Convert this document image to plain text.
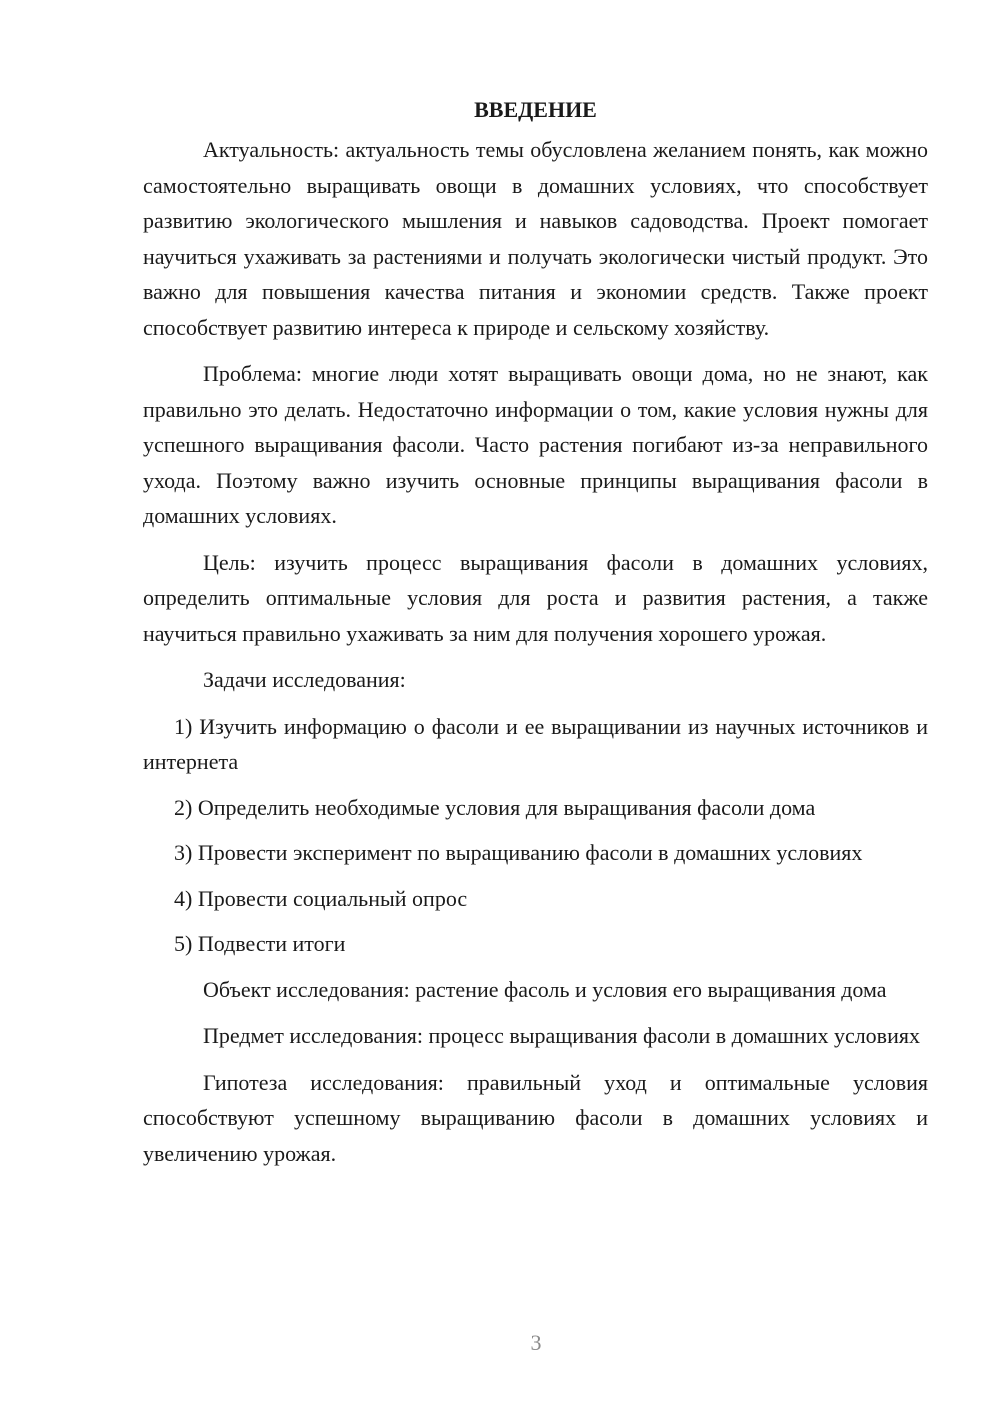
ВВЕДЕНИЕ

Актуальность: актуальность темы обусловлена желанием понять, как можно самостоятельно выращивать овощи в домашних условиях, что способствует развитию экологического мышления и навыков садоводства. Проект помогает научиться ухаживать за растениями и получать экологически чистый продукт. Это важно для повышения качества питания и экономии средств. Также проект способствует развитию интереса к природе и сельскому хозяйству.

Проблема: многие люди хотят выращивать овощи дома, но не знают, как правильно это делать. Недостаточно информации о том, какие условия нужны для успешного выращивания фасоли. Часто растения погибают из-за неправильного ухода. Поэтому важно изучить основные принципы выращивания фасоли в домашних условиях.

Цель: изучить процесс выращивания фасоли в домашних условиях, определить оптимальные условия для роста и развития растения, а также научиться правильно ухаживать за ним для получения хорошего урожая.

Задачи исследования:

1) Изучить информацию о фасоли и ее выращивании из научных источников и интернета

2) Определить необходимые условия для выращивания фасоли дома

3) Провести эксперимент по выращиванию фасоли в домашних условиях

4) Провести социальный опрос

5) Подвести итоги

Объект исследования: растение фасоль и условия его выращивания дома

Предмет исследования: процесс выращивания фасоли в домашних условиях

Гипотеза исследования: правильный уход и оптимальные условия способствуют успешному выращиванию фасоли в домашних условиях и увеличению урожая.

3
